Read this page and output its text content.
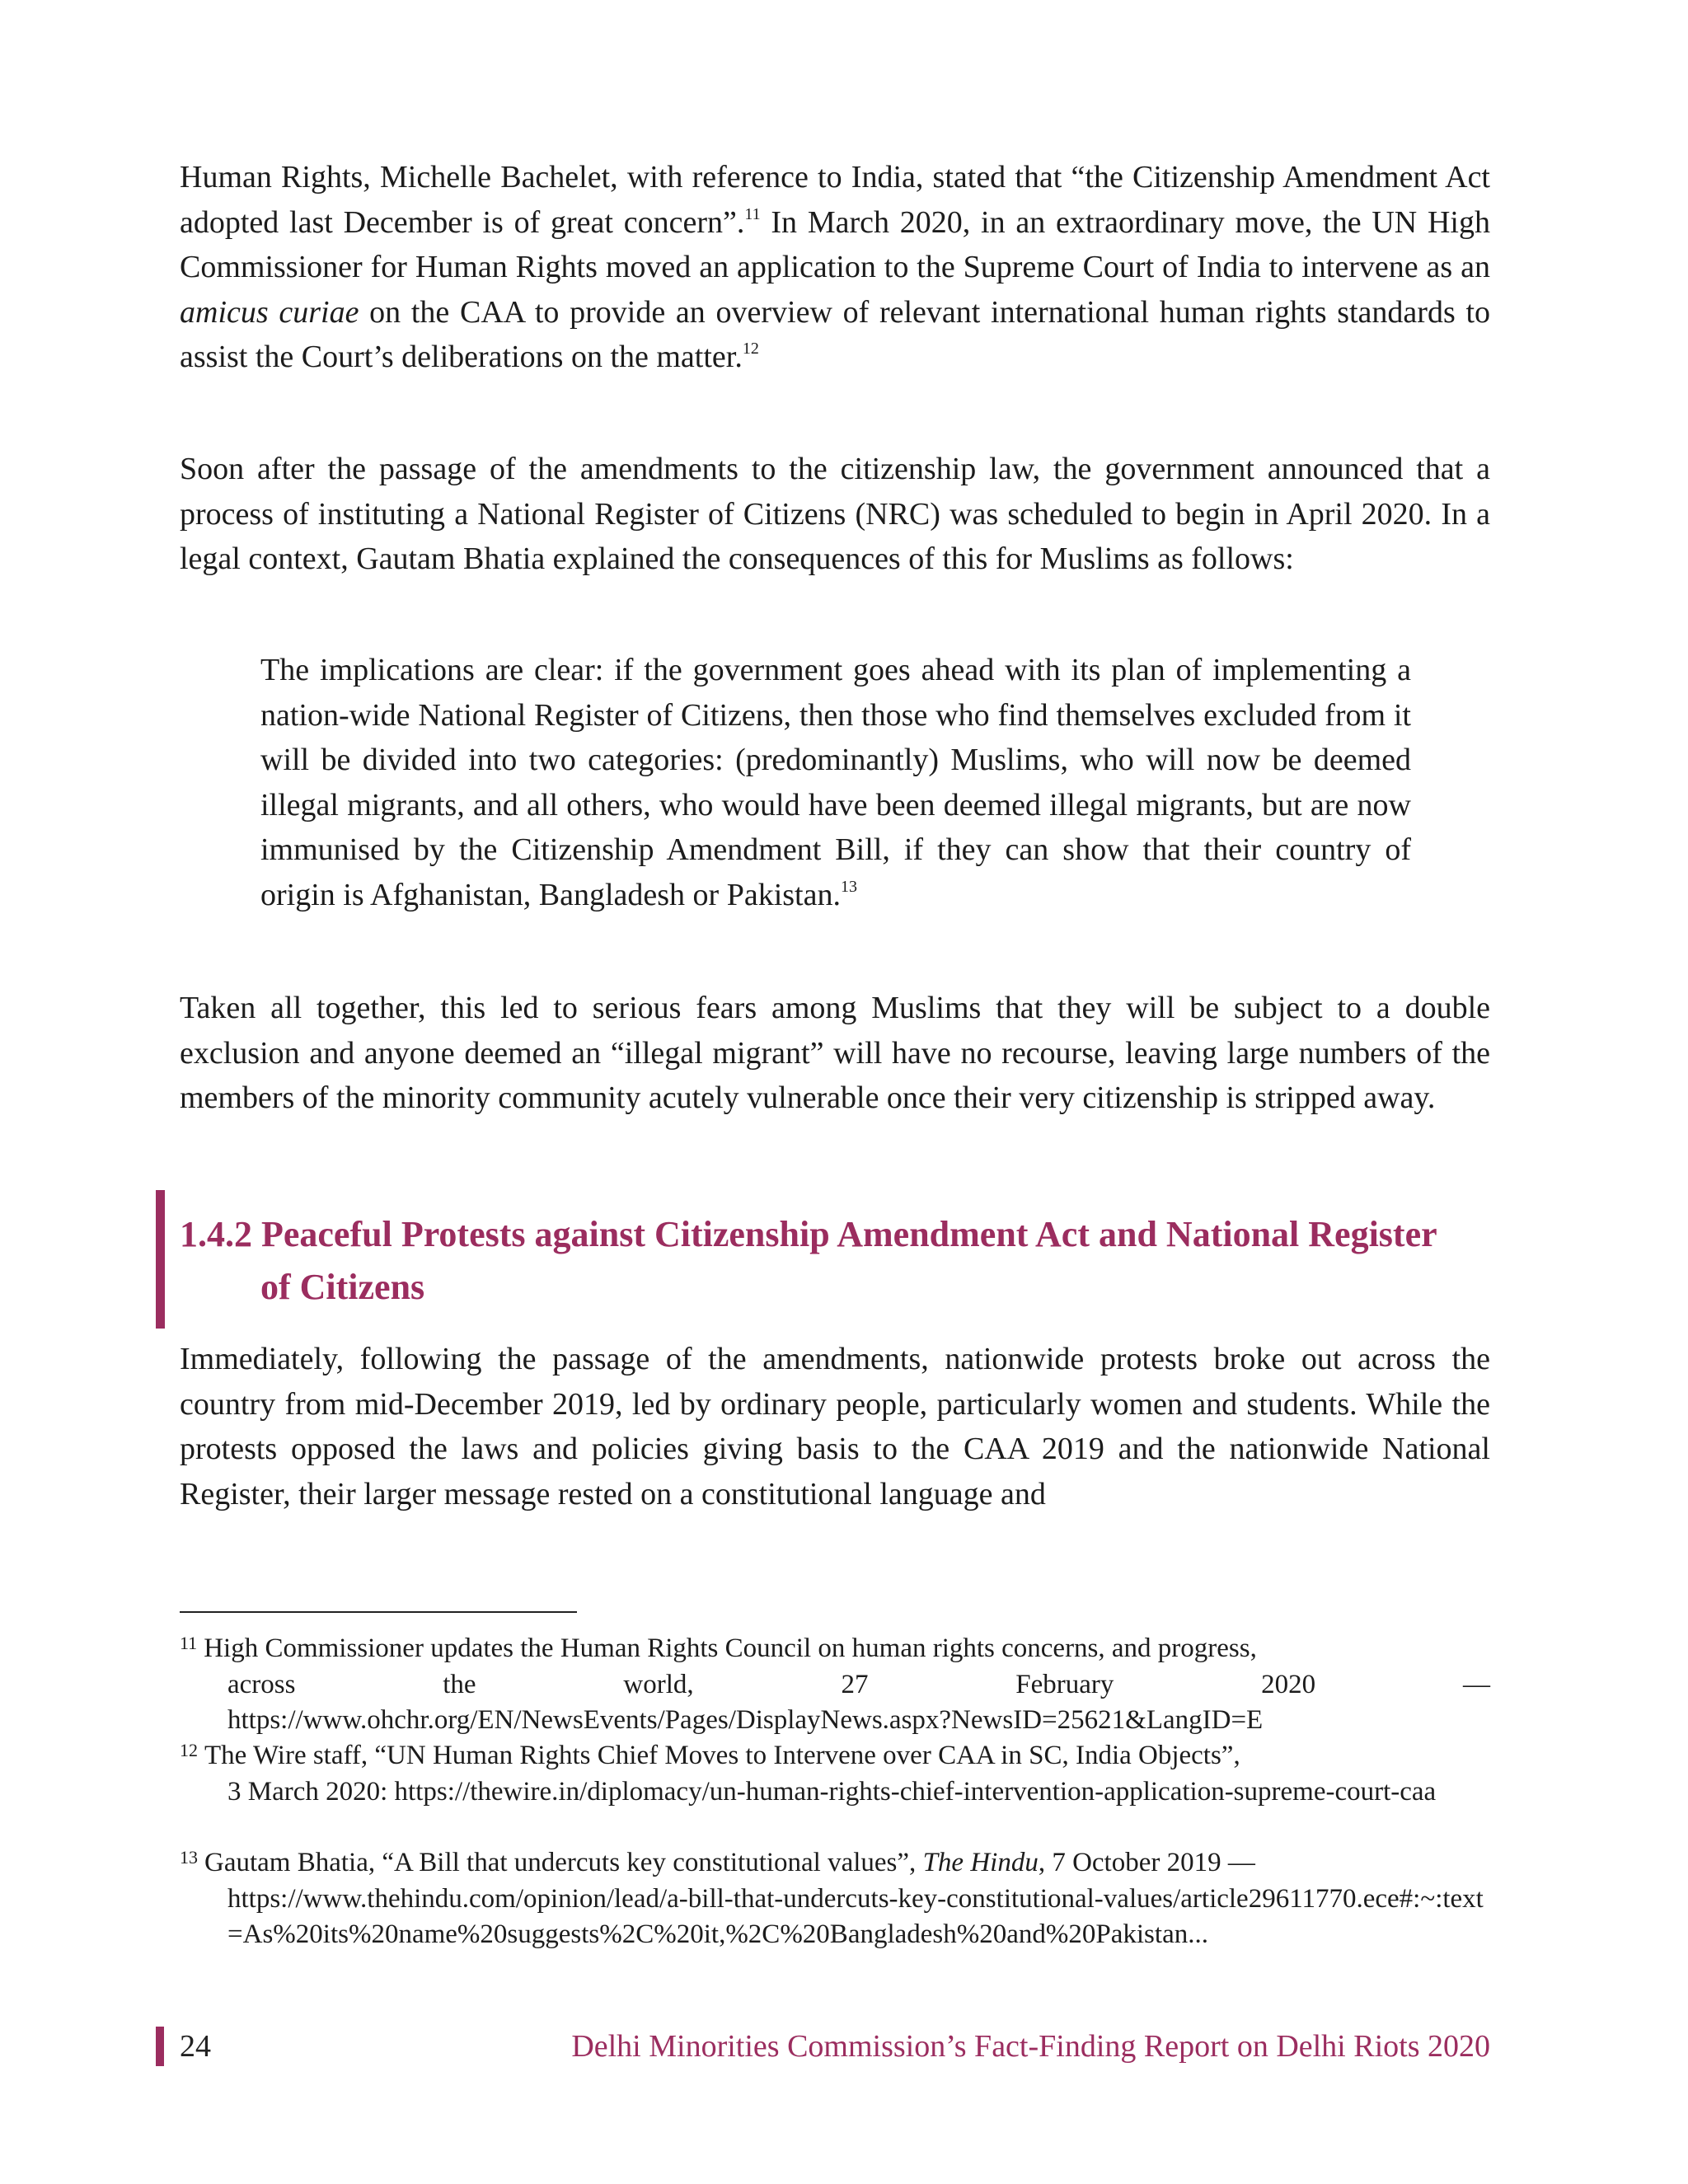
Human Rights, Michelle Bachelet, with reference to India, stated that “the Citizenship Amendment Act adopted last December is of great concern”.$^{11}$ In March 2020, in an extraordinary move, the UN High Commissioner for Human Rights moved an application to the Supreme Court of India to intervene as an amicus curiae on the CAA to provide an overview of relevant international human rights standards to assist the Court’s deliberations on the matter.$^{12}$

Soon after the passage of the amendments to the citizenship law, the government announced that a process of instituting a National Register of Citizens (NRC) was scheduled to begin in April 2020. In a legal context, Gautam Bhatia explained the consequences of this for Muslims as follows:

The implications are clear: if the government goes ahead with its plan of implementing a nation-wide National Register of Citizens, then those who find themselves excluded from it will be divided into two categories: (predominantly) Muslims, who will now be deemed illegal migrants, and all others, who would have been deemed illegal migrants, but are now immunised by the Citizenship Amendment Bill, if they can show that their country of origin is Afghanistan, Bangladesh or Pakistan.$^{13}$

Taken all together, this led to serious fears among Muslims that they will be subject to a double exclusion and anyone deemed an “illegal migrant” will have no recourse, leaving large numbers of the members of the minority community acutely vulnerable once their very citizenship is stripped away.

1.4.2 Peaceful Protests against Citizenship Amendment Act and National Register
of Citizens

Immediately, following the passage of the amendments, nationwide protests broke out across the country from mid-December 2019, led by ordinary people, particularly women and students. While the protests opposed the laws and policies giving basis to the CAA 2019 and the nationwide National Register, their larger message rested on a constitutional language and

$^{11}$ High Commissioner updates the Human Rights Council on human rights concerns, and progress,
across	the	world,	27	February	2020	—
https://www.ohchr.org/EN/NewsEvents/Pages/DisplayNews.aspx?NewsID=25621&LangID=E
$^{12}$ The Wire staff, “UN Human Rights Chief Moves to Intervene over CAA in SC, India Objects”,
3 March 2020: https://thewire.in/diplomacy/un-human-rights-chief-intervention-application-supreme-court-caa
$^{13}$ Gautam Bhatia, “A Bill that undercuts key constitutional values”, The Hindu, 7 October 2019 —
https://www.thehindu.com/opinion/lead/a-bill-that-undercuts-key-constitutional-values/article29611770.ece#:~:text=As%20its%20name%20suggests%2C%20it,%2C%20Bangladesh%20and%20Pakistan...
24	Delhi Minorities Commission’s Fact-Finding Report on Delhi Riots 2020
